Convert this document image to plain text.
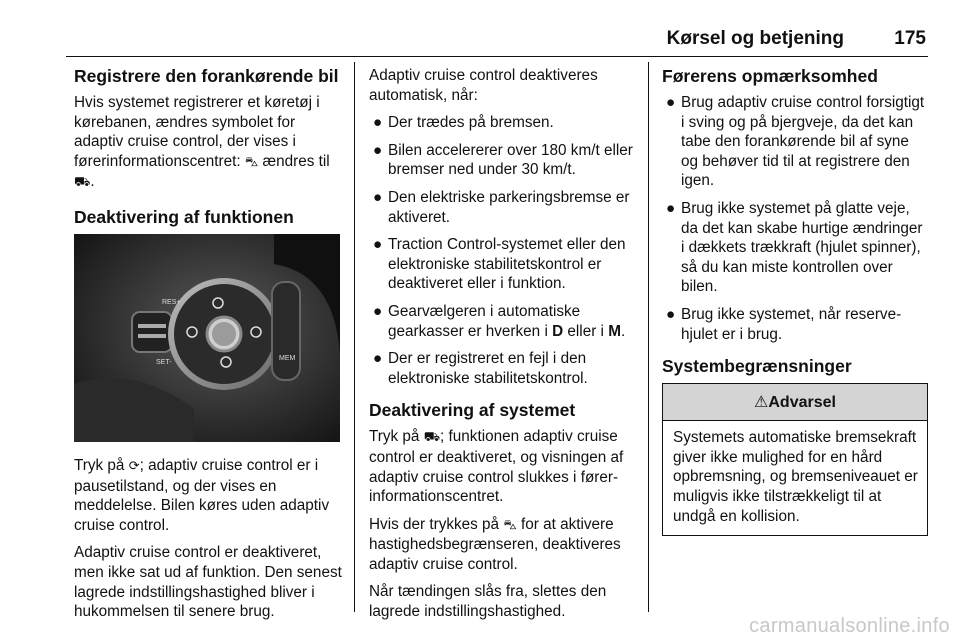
Kørsel og betjening	175
Registrere den forankørende bil

Hvis systemet registrerer et køretøj i kørebanen, ændres symbolet for adaptiv cruise control, der vises i førerinformationscentret: ⛍ ændres til ⛟.

Deaktivering af funktionen
RES+
SET-
MEM

Tryk på ⟳; adaptiv cruise control er i pausetilstand, og der vises en meddelelse. Bilen køres uden adaptiv cruise control.

Adaptiv cruise control er deaktiveret, men ikke sat ud af funktion. Den senest lagrede indstillingshastighed bliver i hukommelsen til senere brug.

Adaptiv cruise control deaktiveres automatisk, når:

● Der trædes på bremsen.
● Bilen accelererer over 180 km/t eller bremser ned under 30 km/t.
● Den elektriske parkeringsbremse er aktiveret.
● Traction Control-systemet eller den elektroniske stabilitetskontrol er deaktiveret eller i funktion.
● Gearvælgeren i automatiske gearkasser er hverken i D eller i M.
● Der er registreret en fejl i den elektroniske stabilitetskontrol.
Deaktivering af systemet

Tryk på ⛟; funktionen adaptiv cruise control er deaktiveret, og visningen af adaptiv cruise control slukkes i førerinformationscentret.

Hvis der trykkes på ⛍ for at aktivere hastighedsbegrænseren, deaktiveres adaptiv cruise control.

Når tændingen slås fra, slettes den lagrede indstillingshastighed.

Førerens opmærksomhed
● Brug adaptiv cruise control forsigtigt i sving og på bjergveje, da det kan tabe den forankørende bil af syne og behøver tid til at registrere den igen.
● Brug ikke systemet på glatte veje, da det kan skabe hurtige ændringer i dækkets trækkraft (hjulet spinner), så du kan miste kontrollen over bilen.
● Brug ikke systemet, når reservehjulet er i brug.
Systembegrænsninger
⚠Advarsel
Systemets automatiske bremsekraft giver ikke mulighed for en hård opbremsning, og bremseniveauet er muligvis ikke tilstrækkeligt til at undgå en kollision.
carmanualsonline.info
